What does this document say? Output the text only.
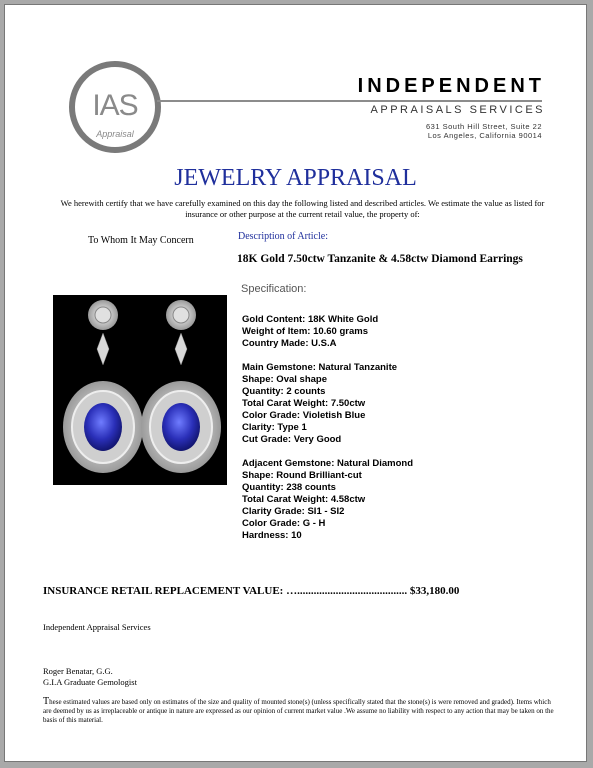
IAS
Appraisal
INDEPENDENT
APPRAISALS SERVICES
631 South Hill Street, Suite 22
Los Angeles, California 90014
JEWELRY APPRAISAL
We herewith certify that we have carefully examined on this day the following listed and described articles. We estimate the value as listed for insurance or other purpose at the current retail value, the property of:
To Whom It May Concern	Description of Article:
18K Gold 7.50ctw Tanzanite & 4.58ctw Diamond Earrings
Specification:
Gold Content: 18K White Gold
Weight of Item: 10.60 grams
Country Made: U.S.A
Main Gemstone: Natural Tanzanite
Shape: Oval shape
Quantity: 2 counts
Total Carat Weight: 7.50ctw
Color Grade: Violetish Blue
Clarity: Type 1
Cut Grade: Very Good
Adjacent Gemstone: Natural Diamond
Shape: Round Brilliant-cut
Quantity: 238 counts
Total Carat Weight: 4.58ctw
Clarity Grade: SI1 - SI2
Color Grade: G - H
Hardness: 10
INSURANCE RETAIL REPLACEMENT VALUE: …........................................ $33,180.00
Independent Appraisal Services
Roger Benatar, G.G.
G.I.A Graduate Gemologist
These estimated values are based only on estimates of the size and quality of mounted stone(s) (unless specifically stated that the stone(s) is were removed and graded). Items which are deemed by us as irreplaceable or antique in nature are expressed as our opinion of current market value .We assume no liability with respect to any action that may be taken on the basis of this material.
